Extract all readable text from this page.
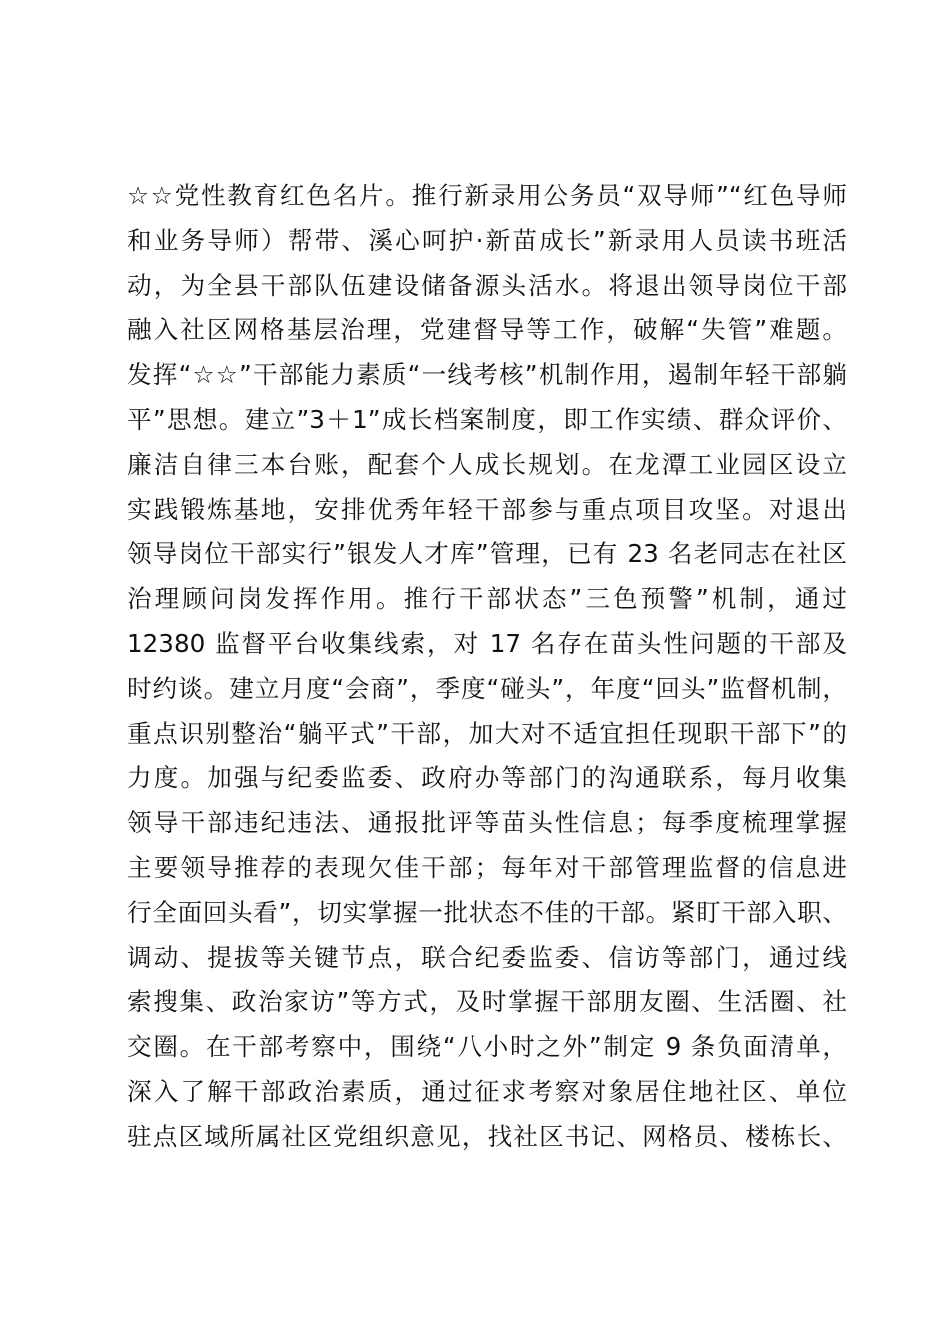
☆☆党性教育红色名片。推行新录用公务员“双导师”“红色导师
和业务导师）帮带、溪心呵护·新苗成长”新录用人员读书班活
动，为全县干部队伍建设储备源头活水。将退出领导岗位干部
融入社区网格基层治理，党建督导等工作，破解“失管”难题。
发挥“☆☆”干部能力素质“一线考核”机制作用，遏制年轻干部躺
平”思想。建立”3＋1”成长档案制度，即工作实绩、群众评价、
廉洁自律三本台账，配套个人成长规划。在龙潭工业园区设立
实践锻炼基地，安排优秀年轻干部参与重点项目攻坚。对退出
领导岗位干部实行”银发人才库”管理，已有 23 名老同志在社区
治理顾问岗发挥作用。推行干部状态”三色预警”机制，通过
12380 监督平台收集线索，对 17 名存在苗头性问题的干部及
时约谈。建立月度“会商”，季度“碰头”，年度“回头”监督机制，
重点识别整治“躺平式”干部，加大对不适宜担任现职干部下”的
力度。加强与纪委监委、政府办等部门的沟通联系，每月收集
领导干部违纪违法、通报批评等苗头性信息；每季度梳理掌握
主要领导推荐的表现欠佳干部；每年对干部管理监督的信息进
行全面回头看”，切实掌握一批状态不佳的干部。紧盯干部入职、
调动、提拔等关键节点，联合纪委监委、信访等部门，通过线
索搜集、政治家访”等方式，及时掌握干部朋友圈、生活圈、社
交圈。在干部考察中，围绕“八小时之外”制定 9 条负面清单，
深入了解干部政治素质，通过征求考察对象居住地社区、单位
驻点区域所属社区党组织意见，找社区书记、网格员、楼栋长、
